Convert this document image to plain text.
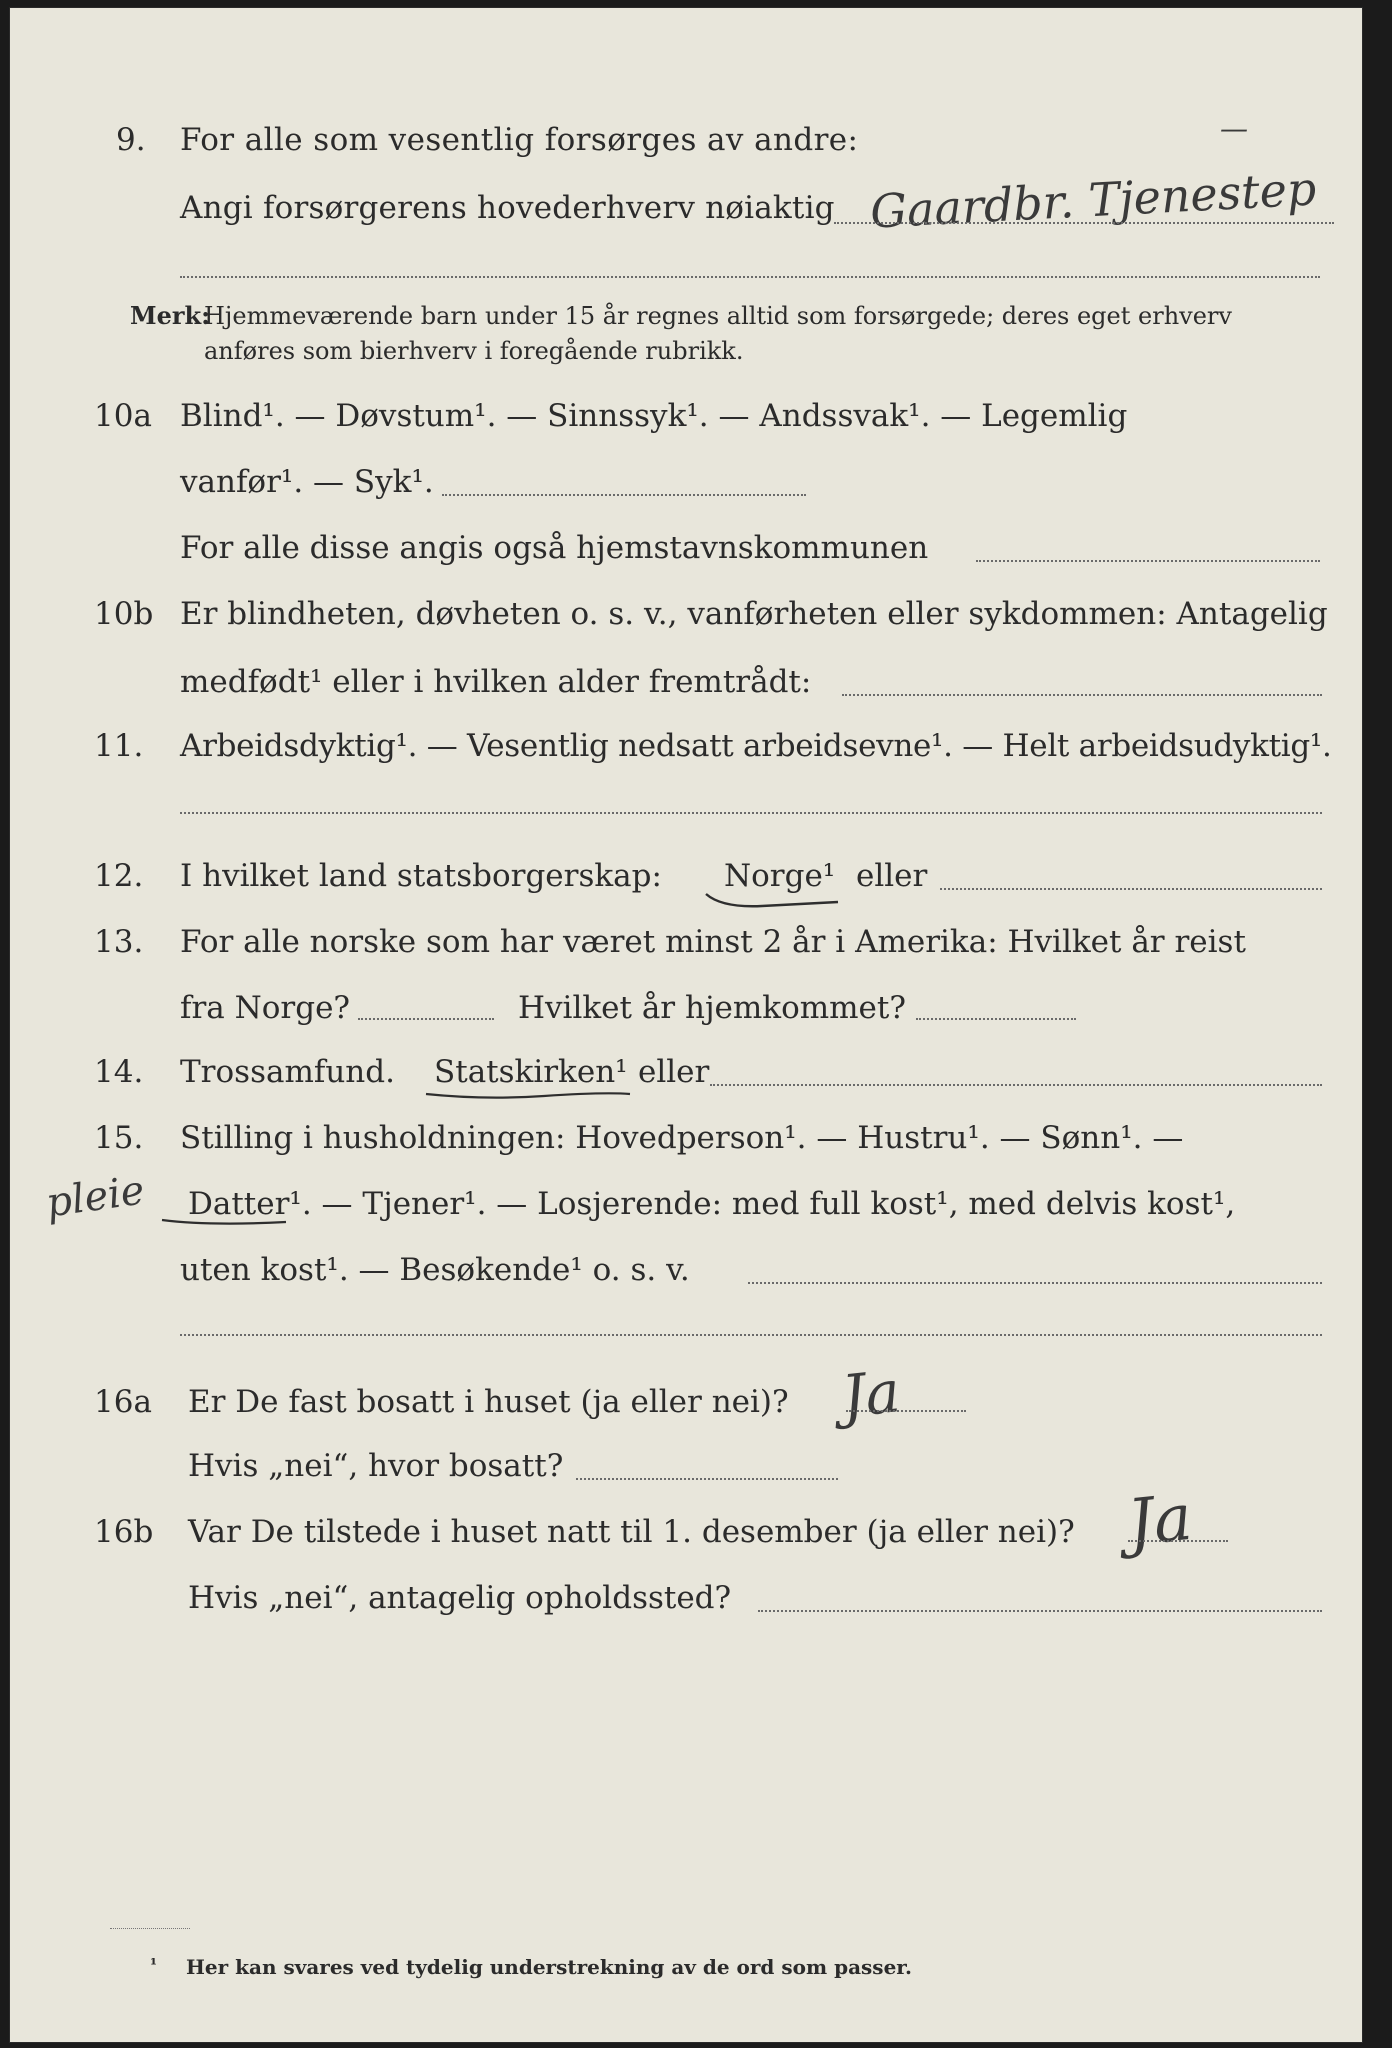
9. For alle som vesentlig forsørges av andre:	—
Angi forsørgerens hovederhverv nøiaktig Gaardbr. Tjenestep
Merk:
Hjemmeværende barn under 15 år regnes alltid som forsørgede; deres eget erhverv
anføres som bierhverv i foregående rubrikk.
10a Blind¹. — Døvstum¹. — Sinnssyk¹. — Andssvak¹. — Legemlig
vanfør¹. — Syk¹.
For alle disse angis også hjemstavnskommunen
10b Er blindheten, døvheten o. s. v., vanførheten eller sykdommen: Antagelig
medfødt¹ eller i hvilken alder fremtrådt:
11. Arbeidsdyktig¹. — Vesentlig nedsatt arbeidsevne¹. — Helt arbeidsudyktig¹.
12. I hvilket land statsborgerskap: Norge¹ eller
13. For alle norske som har været minst 2 år i Amerika: Hvilket år reist
fra Norge?	Hvilket år hjemkommet?
14. Trossamfund. Statskirken¹ eller
15. Stilling i husholdningen: Hovedperson¹. — Hustru¹. — Sønn¹. —
pleie Datter¹. — Tjener¹. — Losjerende: med full kost¹, med delvis kost¹,
uten kost¹. — Besøkende¹ o. s. v.
16a Er De fast bosatt i huset (ja eller nei)? Ja
Hvis „nei“, hvor bosatt?
16b Var De tilstede i huset natt til 1. desember (ja eller nei)? Ja
Hvis „nei“, antagelig opholdssted?
¹ Her kan svares ved tydelig understrekning av de ord som passer.
